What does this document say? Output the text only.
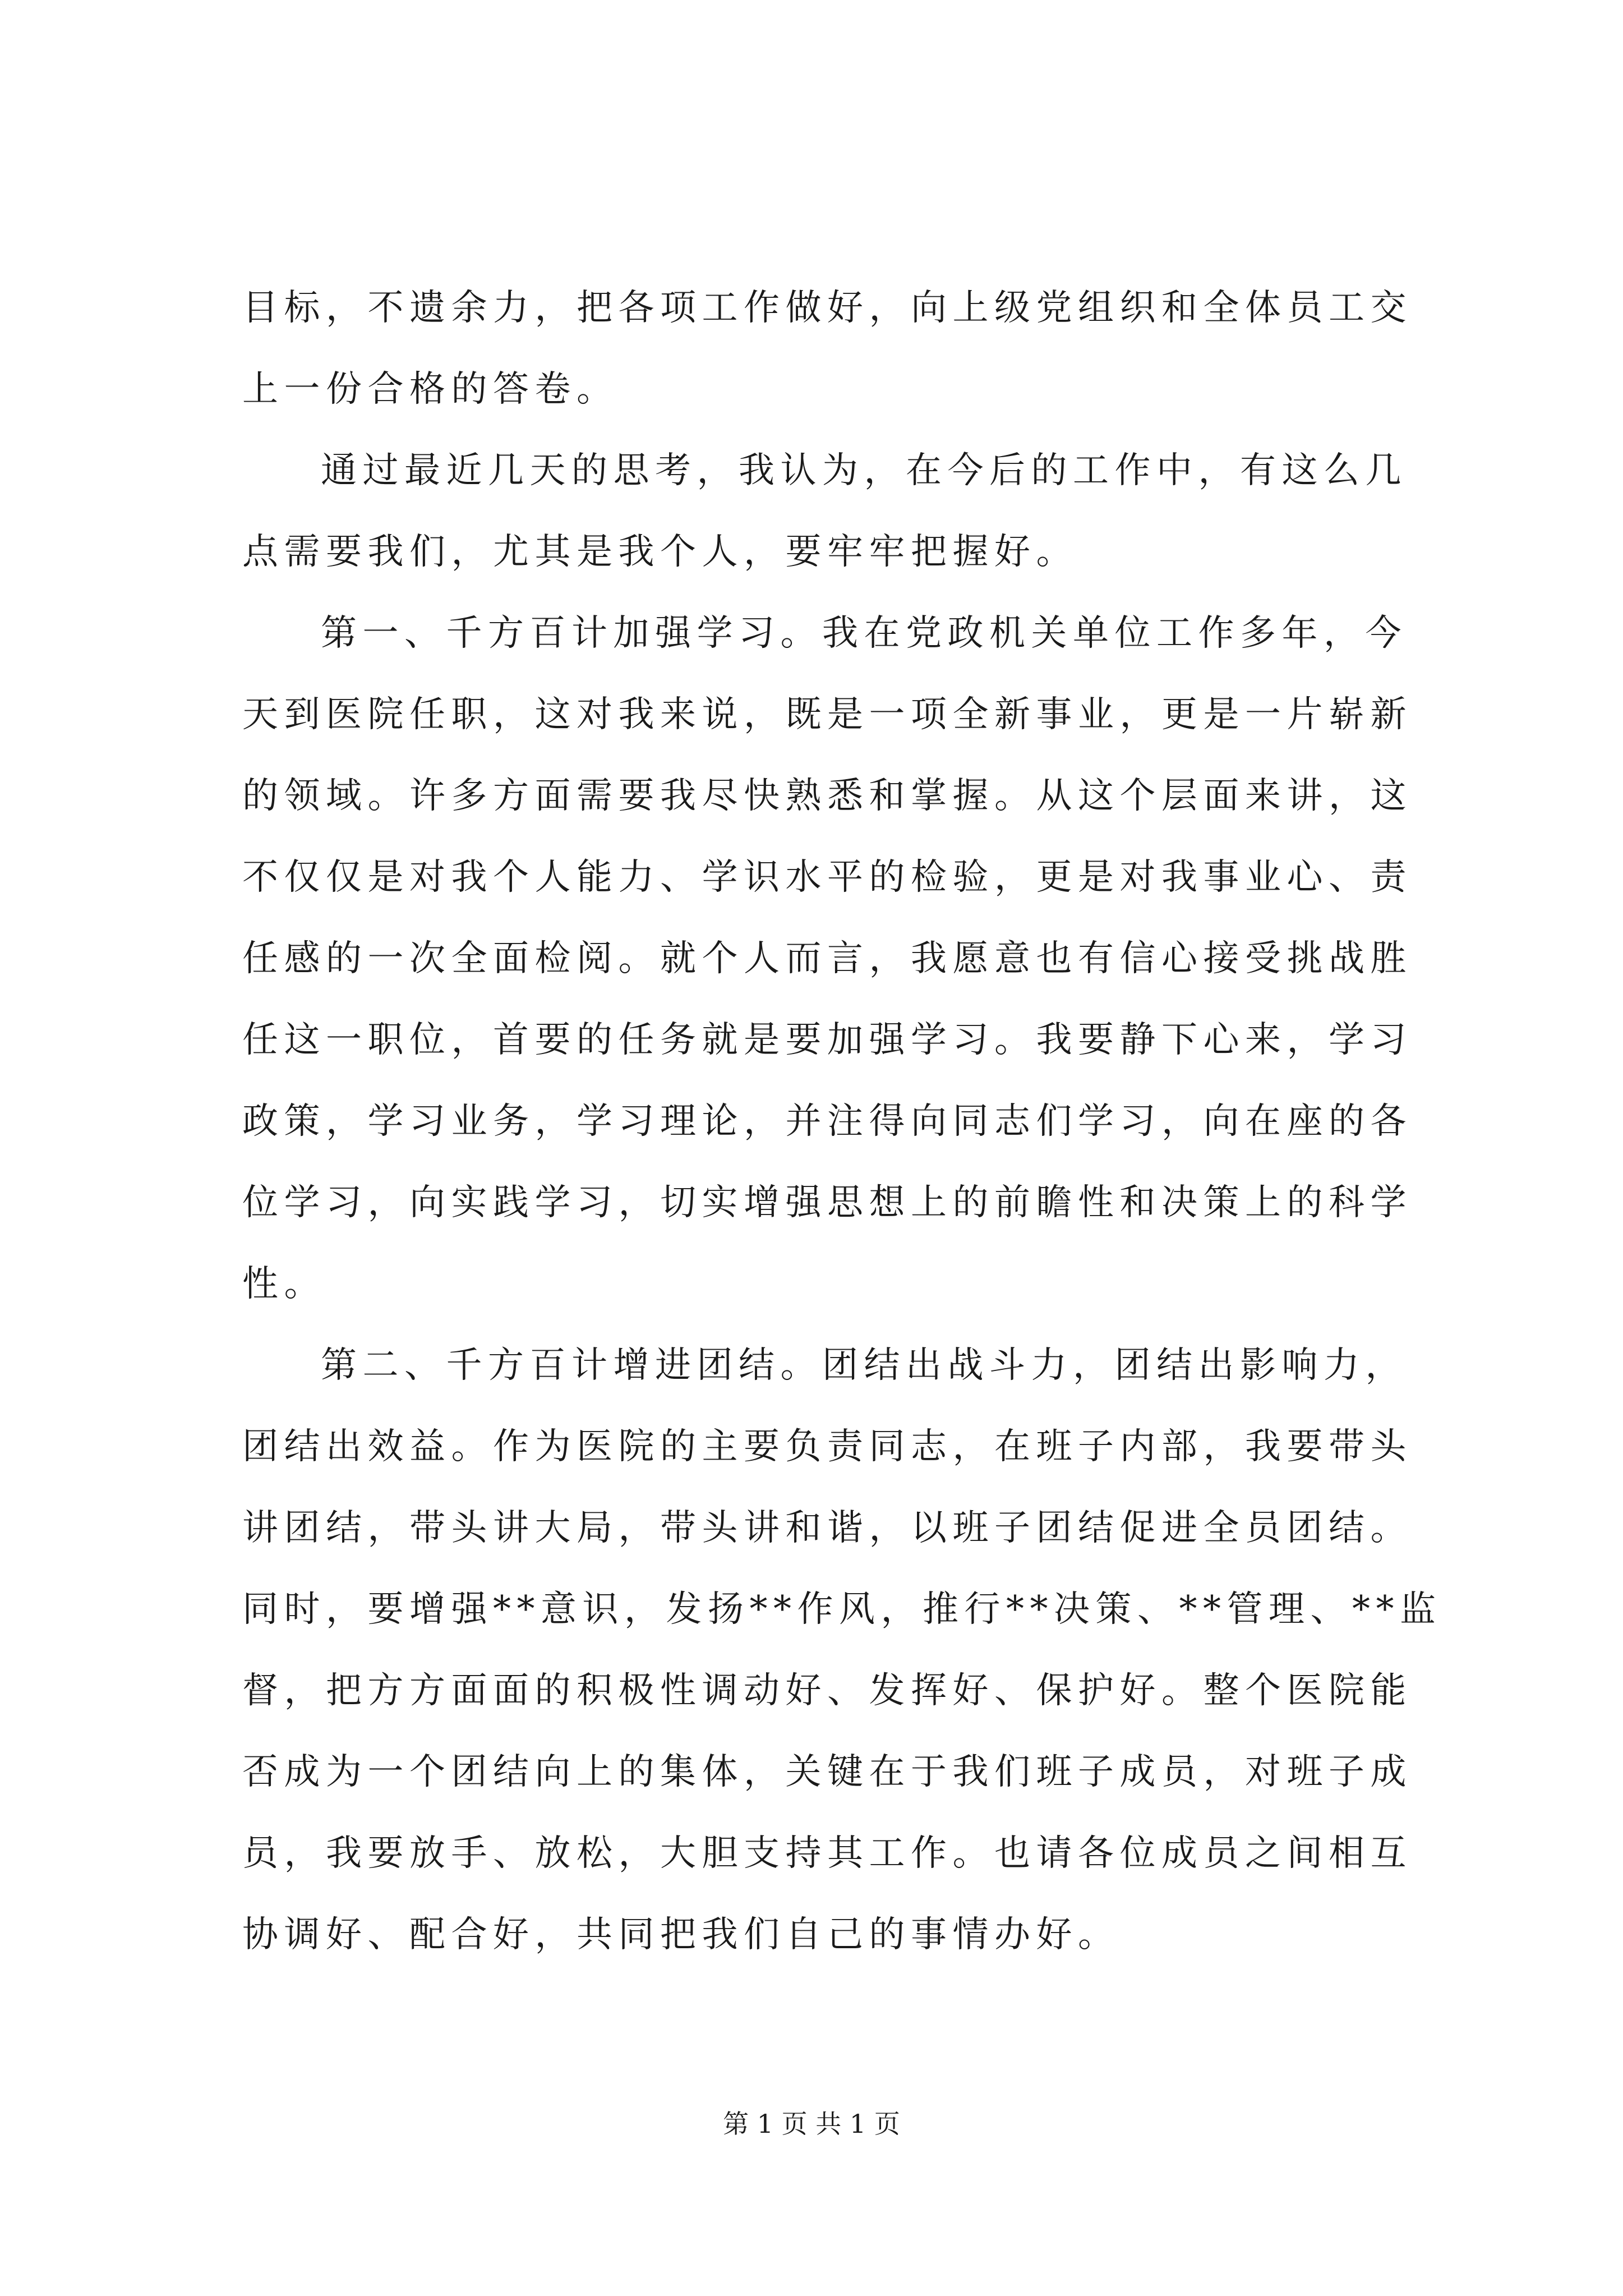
目标，不遗余力，把各项工作做好，向上级党组织和全体员工交
上一份合格的答卷。
通过最近几天的思考，我认为，在今后的工作中，有这么几
点需要我们，尤其是我个人，要牢牢把握好。
第一、千方百计加强学习。我在党政机关单位工作多年，今
天到医院任职，这对我来说，既是一项全新事业，更是一片崭新
的领域。许多方面需要我尽快熟悉和掌握。从这个层面来讲，这
不仅仅是对我个人能力、学识水平的检验，更是对我事业心、责
任感的一次全面检阅。就个人而言，我愿意也有信心接受挑战胜
任这一职位，首要的任务就是要加强学习。我要静下心来，学习
政策，学习业务，学习理论，并注得向同志们学习，向在座的各
位学习，向实践学习，切实增强思想上的前瞻性和决策上的科学
性。
第二、千方百计增进团结。团结出战斗力，团结出影响力，
团结出效益。作为医院的主要负责同志，在班子内部，我要带头
讲团结，带头讲大局，带头讲和谐，以班子团结促进全员团结。
同时，要增强**意识，发扬**作风，推行**决策、**管理、**监
督，把方方面面的积极性调动好、发挥好、保护好。整个医院能
否成为一个团结向上的集体，关键在于我们班子成员，对班子成
员，我要放手、放松，大胆支持其工作。也请各位成员之间相互
协调好、配合好，共同把我们自己的事情办好。
第 1 页 共 1 页
